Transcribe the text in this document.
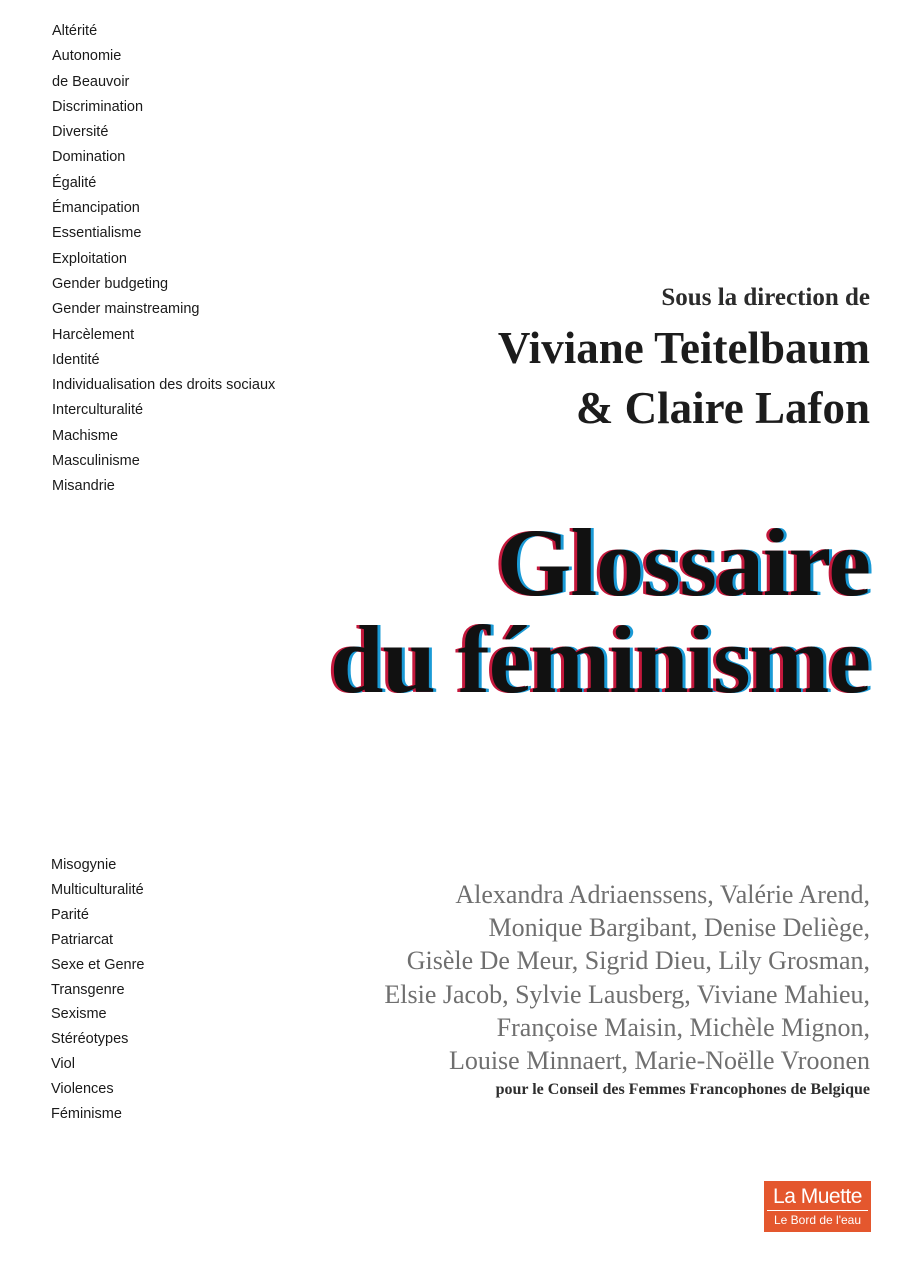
Altérité
Autonomie
de Beauvoir
Discrimination
Diversité
Domination
Égalité
Émancipation
Essentialisme
Exploitation
Gender budgeting
Gender mainstreaming
Harcèlement
Identité
Individualisation des droits sociaux
Interculturalité
Machisme
Masculinisme
Misandrie
Sous la direction de
Viviane Teitelbaum
& Claire Lafon
Glossaire
du féminisme
Misogynie
Multiculturalité
Parité
Patriarcat
Sexe et Genre
Transgenre
Sexisme
Stéréotypes
Viol
Violences
Féminisme
Alexandra Adriaenssens, Valérie Arend,
Monique Bargibant, Denise Deliège,
Gisèle De Meur, Sigrid Dieu, Lily Grosman,
Elsie Jacob, Sylvie Lausberg, Viviane Mahieu,
Françoise Maisin, Michèle Mignon,
Louise Minnaert, Marie-Noëlle Vroonen
pour le Conseil des Femmes Francophones de Belgique
La Muette
Le Bord de l'eau
